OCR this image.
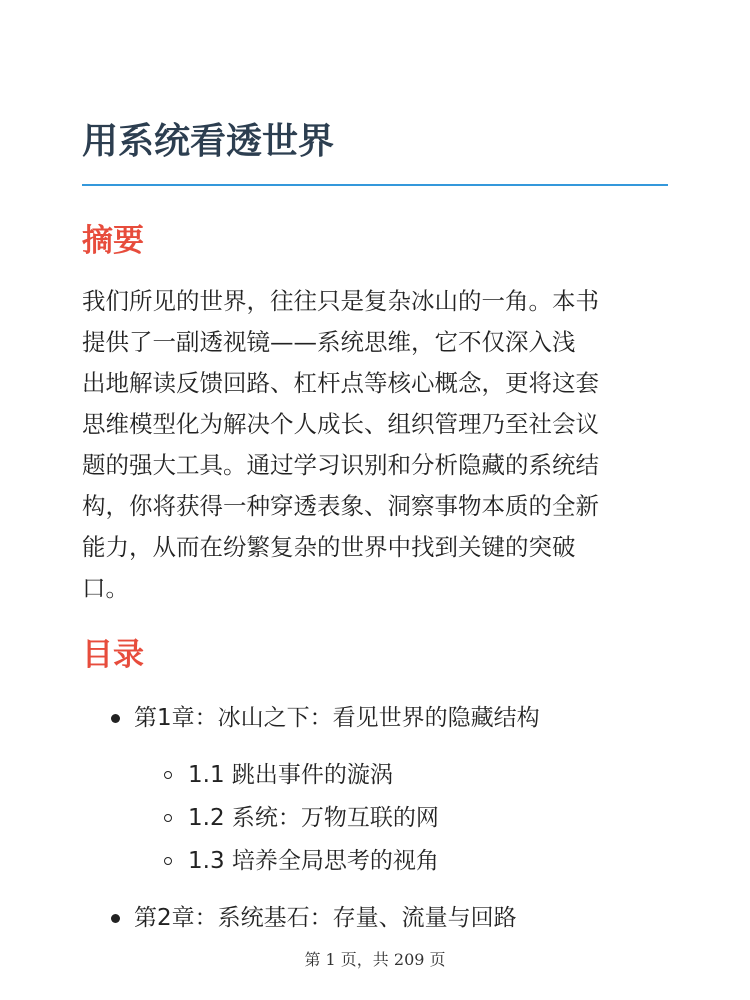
用系统看透世界
摘要

我们所见的世界，往往只是复杂冰山的一角。本书
提供了一副透视镜——系统思维，它不仅深入浅
出地解读反馈回路、杠杆点等核心概念，更将这套
思维模型化为解决个人成长、组织管理乃至社会议
题的强大工具。通过学习识别和分析隐藏的系统结
构，你将获得一种穿透表象、洞察事物本质的全新
能力，从而在纷繁复杂的世界中找到关键的突破
口。

目录

第1章：冰山之下：看见世界的隐藏结构

1.1 跳出事件的漩涡

1.2 系统：万物互联的网

1.3 培养全局思考的视角

第2章：系统基石：存量、流量与回路

第 1 页，共 209 页
